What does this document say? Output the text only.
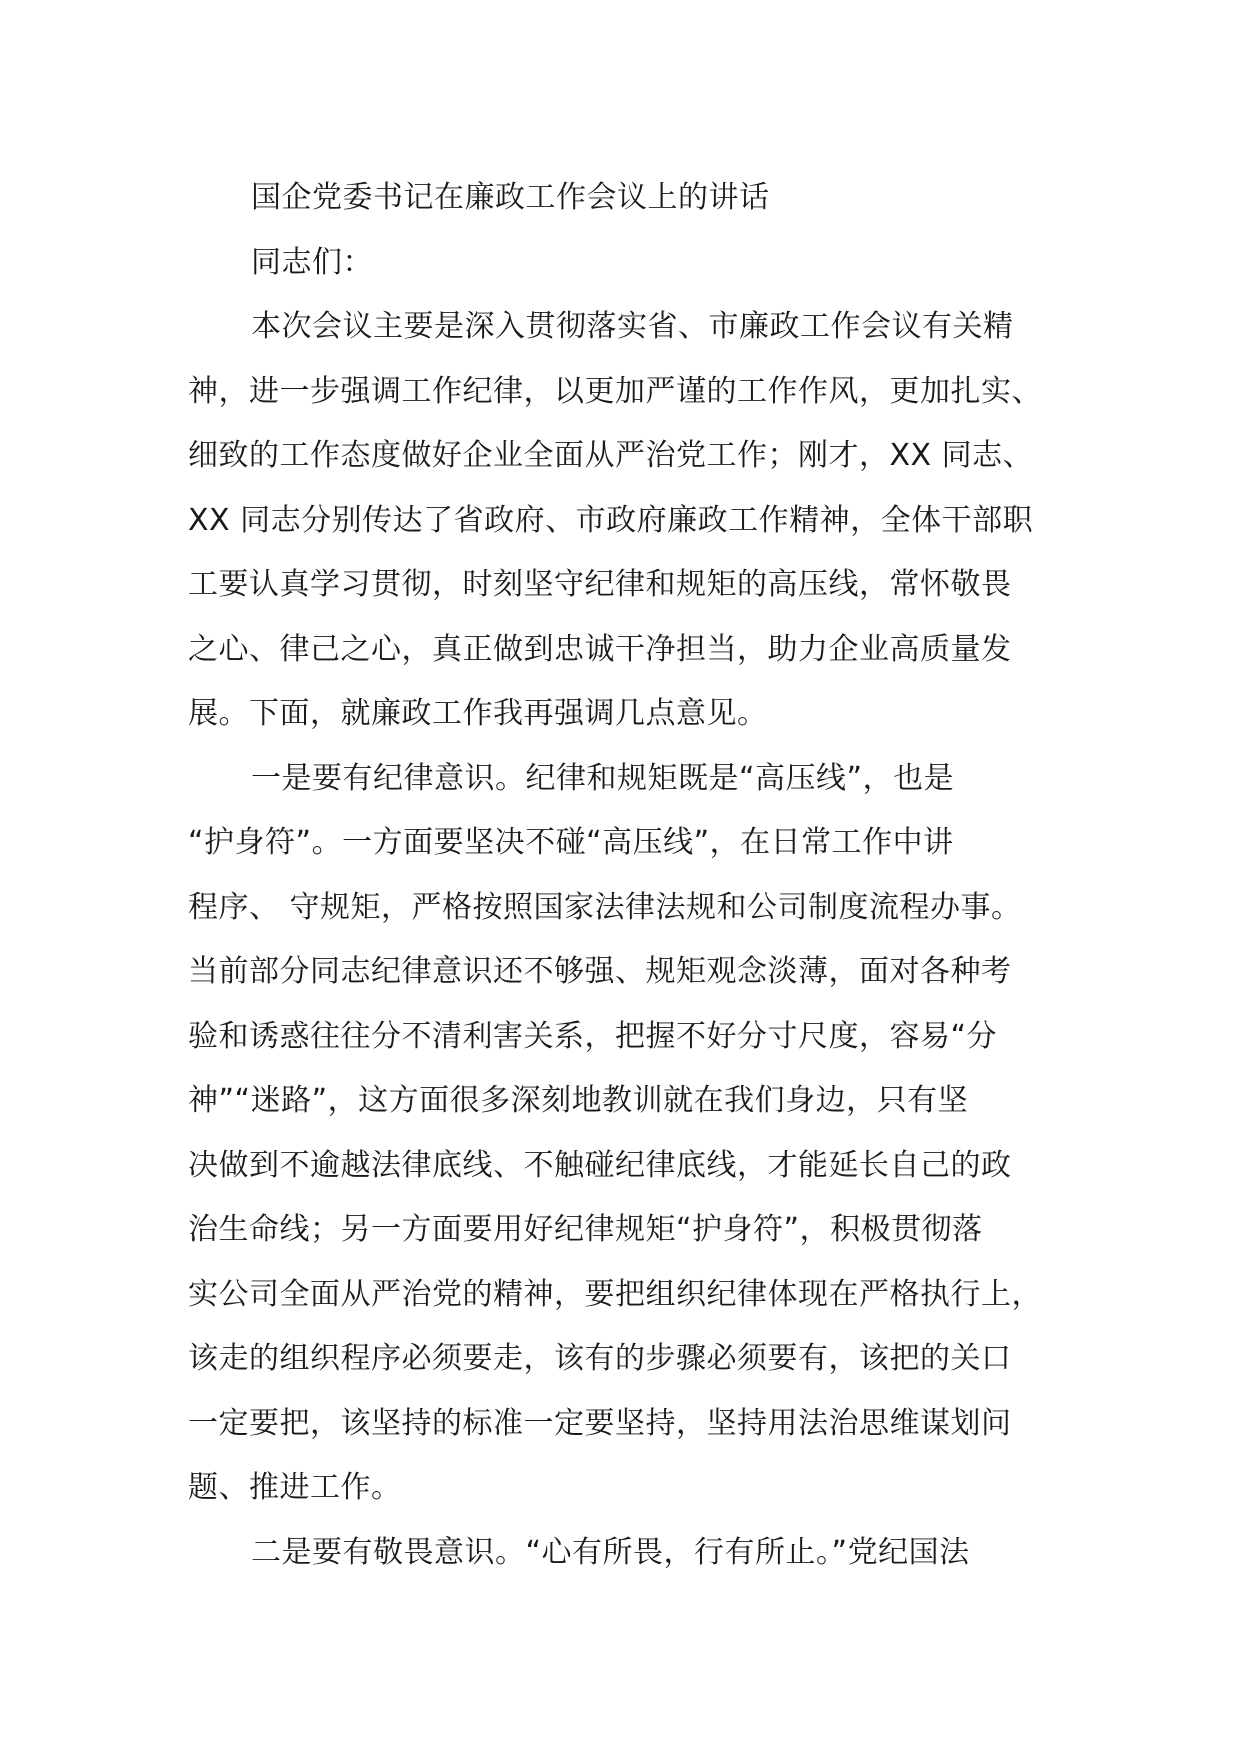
国企党委书记在廉政工作会议上的讲话
同志们：
本次会议主要是深入贯彻落实省、市廉政工作会议有关精
神，进一步强调工作纪律，以更加严谨的工作作风，更加扎实、
细致的工作态度做好企业全面从严治党工作；刚才，XX 同志、
XX 同志分别传达了省政府、市政府廉政工作精神，全体干部职
工要认真学习贯彻，时刻坚守纪律和规矩的高压线，常怀敬畏
之心、律己之心，真正做到忠诚干净担当，助力企业高质量发
展。下面，就廉政工作我再强调几点意见。
一是要有纪律意识。纪律和规矩既是“高压线”，也是
“护身符”。一方面要坚决不碰“高压线”，在日常工作中讲
程序、 守规矩，严格按照国家法律法规和公司制度流程办事。
当前部分同志纪律意识还不够强、规矩观念淡薄，面对各种考
验和诱惑往往分不清利害关系，把握不好分寸尺度，容易“分
神”“迷路”，这方面很多深刻地教训就在我们身边，只有坚
决做到不逾越法律底线、不触碰纪律底线，才能延长自己的政
治生命线；另一方面要用好纪律规矩“护身符”，积极贯彻落
实公司全面从严治党的精神，要把组织纪律体现在严格执行上，
该走的组织程序必须要走，该有的步骤必须要有，该把的关口
一定要把，该坚持的标准一定要坚持，坚持用法治思维谋划问
题、推进工作。
二是要有敬畏意识。“心有所畏，行有所止。”党纪国法
